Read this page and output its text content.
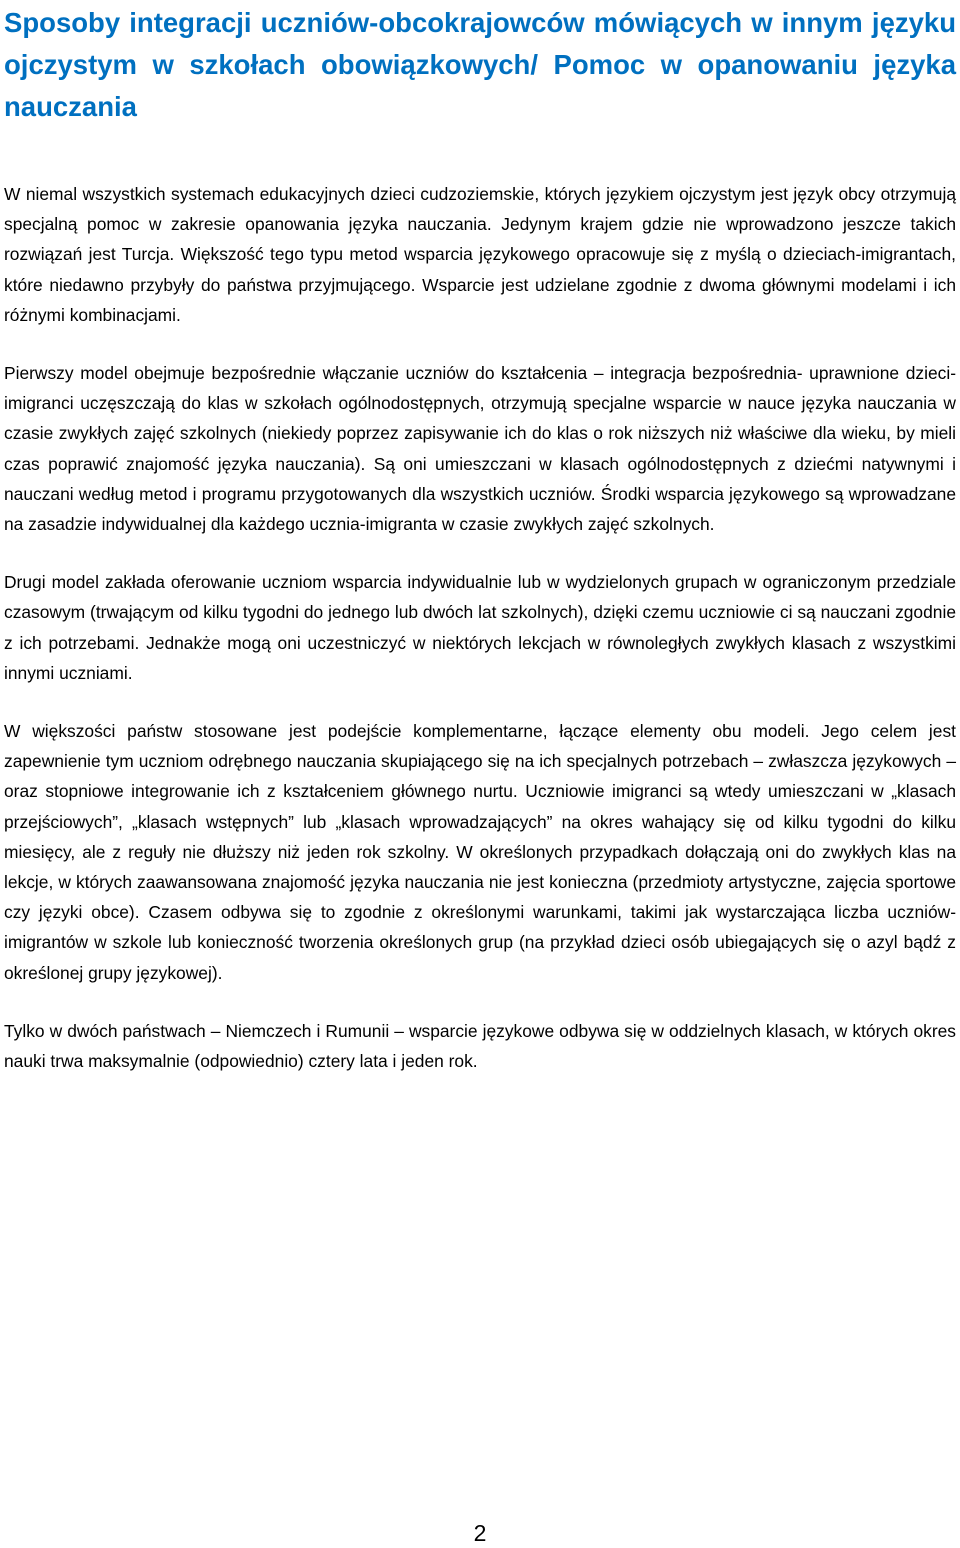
Sposoby integracji uczniów-obcokrajowców mówiących w innym języku ojczystym w szkołach obowiązkowych/ Pomoc w opanowaniu języka nauczania

W niemal wszystkich systemach edukacyjnych dzieci cudzoziemskie, których językiem ojczystym jest język obcy otrzymują specjalną pomoc w zakresie opanowania języka nauczania. Jedynym krajem gdzie nie wprowadzono jeszcze takich rozwiązań jest Turcja. Większość tego typu metod wsparcia językowego opracowuje się z myślą o dzieciach-imigrantach, które niedawno przybyły do państwa przyjmującego. Wsparcie jest udzielane zgodnie z dwoma głównymi modelami i ich różnymi kombinacjami.

Pierwszy model obejmuje bezpośrednie włączanie uczniów do kształcenia – integracja bezpośrednia- uprawnione dzieci-imigranci uczęszczają do klas w szkołach ogólnodostępnych, otrzymują specjalne wsparcie w nauce języka nauczania w czasie zwykłych zajęć szkolnych (niekiedy poprzez zapisywanie ich do klas o rok niższych niż właściwe dla wieku, by mieli czas poprawić znajomość języka nauczania). Są oni umieszczani w klasach ogólnodostępnych z dziećmi natywnymi i nauczani według metod i programu przygotowanych dla wszystkich uczniów. Środki wsparcia językowego są wprowadzane na zasadzie indywidualnej dla każdego ucznia-imigranta w czasie zwykłych zajęć szkolnych.

Drugi model zakłada oferowanie uczniom wsparcia indywidualnie lub w wydzielonych grupach w ograniczonym przedziale czasowym (trwającym od kilku tygodni do jednego lub dwóch lat szkolnych), dzięki czemu uczniowie ci są nauczani zgodnie z ich potrzebami. Jednakże mogą oni uczestniczyć w niektórych lekcjach w równoległych zwykłych klasach z wszystkimi innymi uczniami.

W większości państw stosowane jest podejście komplementarne, łączące elementy obu modeli. Jego celem jest zapewnienie tym uczniom odrębnego nauczania skupiającego się na ich specjalnych potrzebach – zwłaszcza językowych – oraz stopniowe integrowanie ich z kształceniem głównego nurtu. Uczniowie imigranci są wtedy umieszczani w „klasach przejściowych”, „klasach wstępnych” lub „klasach wprowadzających” na okres wahający się od kilku tygodni do kilku miesięcy, ale z reguły nie dłuższy niż jeden rok szkolny. W określonych przypadkach dołączają oni do zwykłych klas na lekcje, w których zaawansowana znajomość języka nauczania nie jest konieczna (przedmioty artystyczne, zajęcia sportowe czy języki obce). Czasem odbywa się to zgodnie z określonymi warunkami, takimi jak wystarczająca liczba uczniów-imigrantów w szkole lub konieczność tworzenia określonych grup (na przykład dzieci osób ubiegających się o azyl bądź z określonej grupy językowej).

Tylko w dwóch państwach – Niemczech i Rumunii – wsparcie językowe odbywa się w oddzielnych klasach, w których okres nauki trwa maksymalnie (odpowiednio) cztery lata i jeden rok.

2
